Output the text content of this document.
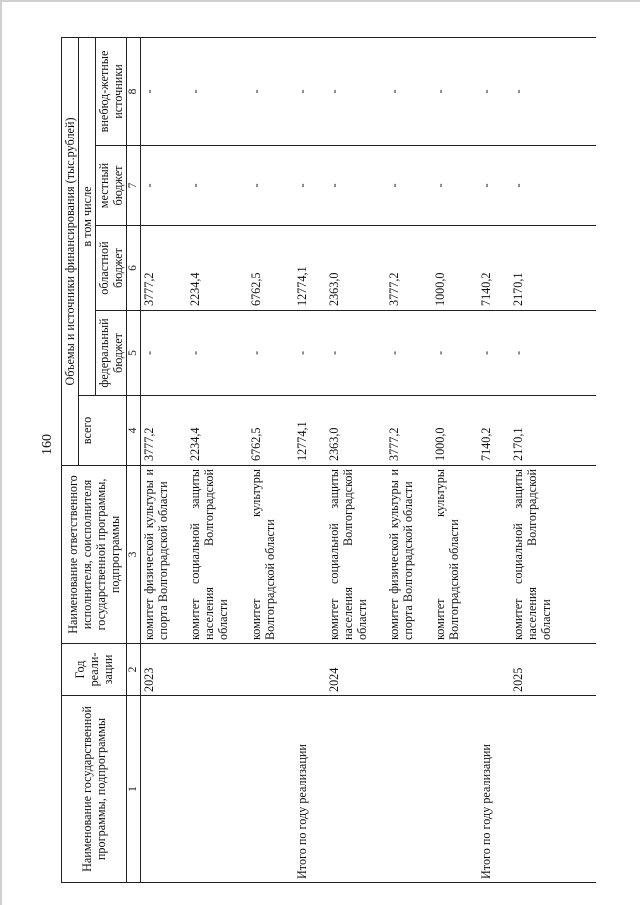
160
Наименование государственной программы, подпрограммы	Год реали-зации	Наименование ответственного исполнителя, соисполнителя государственной программы, подпрограммы	Объемы и источники финансирования (тыс.рублей)				
			всего	в том числе			
				федеральный бюджет	областной бюджет	местный бюджет	внебюд-жетные источники
1	2	3	4	5	6	7	8
	2023	комитет физической культуры и спорта Волгоградской области	3777,2	-	3777,2	-	-

		комитет социальной защиты населения Волгоградской области	2234,4	-	2234,4	-	-

		комитет культуры Волгоградской области	6762,5	-	6762,5	-	-

Итого по году реализации			12774,1	-	12774,1	-	-

	2024	комитет социальной защиты населения Волгоградской области	2363,0	-	2363,0	-	-

		комитет физической культуры и спорта Волгоградской области	3777,2	-	3777,2	-	-

		комитет культуры Волгоградской области	1000,0	-	1000,0	-	-

Итого по году реализации			7140,2	-	7140,2	-	-

	2025	комитет социальной защиты населения Волгоградской области	2170,1	-	2170,1	-	-
